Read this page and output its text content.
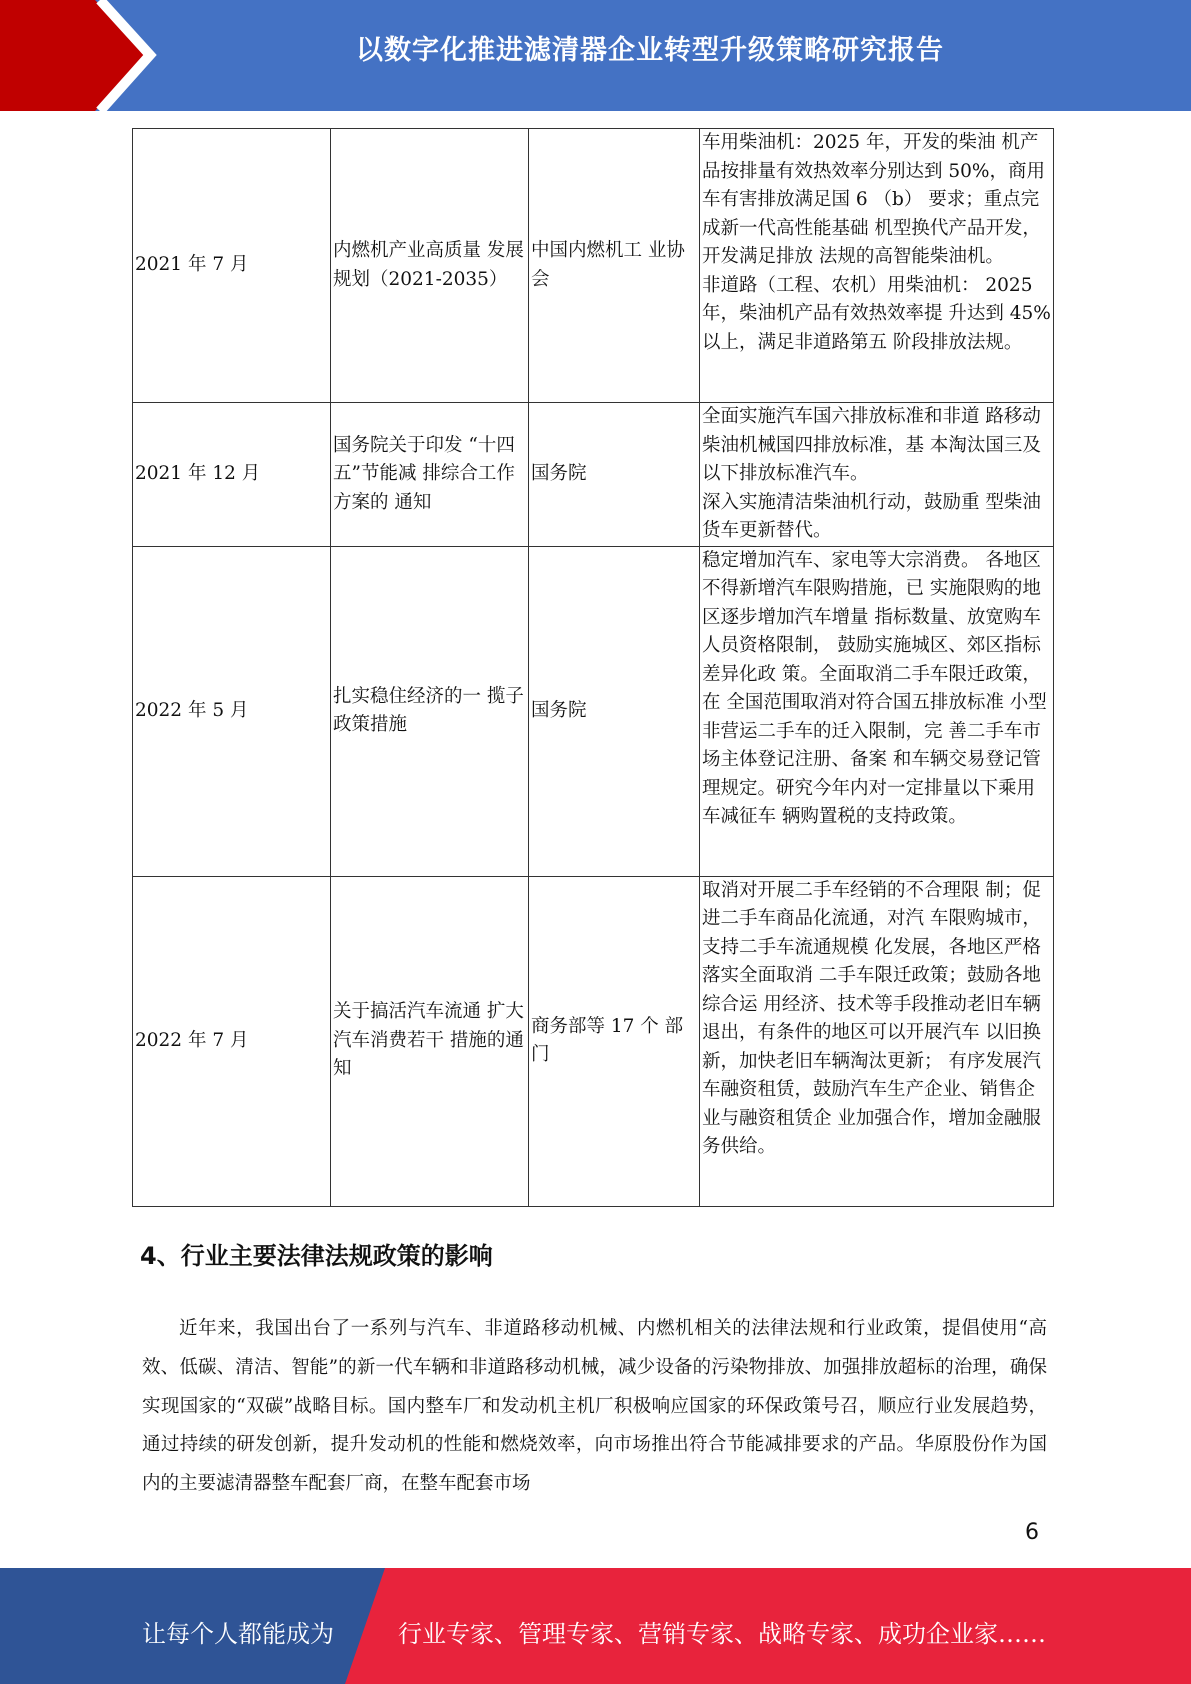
以数字化推进滤清器企业转型升级策略研究报告
2021 年 7 月	内燃机产业高质量 发展规划（2021-2035）	中国内燃机工 业协会	车用柴油机：2025 年，开发的柴油 机产品按排量有效热效率分别达到 50%，商用车有害排放满足国 6 （b） 要求；重点完成新一代高性能基础 机型换代产品开发，开发满足排放 法规的高智能柴油机。

非道路（工程、农机）用柴油机： 2025 年，柴油机产品有效热效率提 升达到 45%以上，满足非道路第五 阶段排放法规。

2021 年 12 月	国务院关于印发 “十四五”节能减 排综合工作方案的 通知	国务院	全面实施汽车国六排放标准和非道 路移动柴油机械国四排放标准，基 本淘汰国三及以下排放标准汽车。

深入实施清洁柴油机行动，鼓励重 型柴油货车更新替代。

2022 年 5 月	扎实稳住经济的一 揽子政策措施	国务院	稳定增加汽车、家电等大宗消费。 各地区不得新增汽车限购措施，已 实施限购的地区逐步增加汽车增量 指标数量、放宽购车人员资格限制， 鼓励实施城区、郊区指标差异化政 策。全面取消二手车限迁政策，在 全国范围取消对符合国五排放标准 小型非营运二手车的迁入限制，完 善二手车市场主体登记注册、备案 和车辆交易登记管理规定。研究今年内对一定排量以下乘用车减征车 辆购置税的支持政策。

2022 年 7 月	关于搞活汽车流通 扩大汽车消费若干 措施的通知	商务部等 17 个 部门	取消对开展二手车经销的不合理限 制；促进二手车商品化流通，对汽 车限购城市，支持二手车流通规模 化发展，各地区严格落实全面取消 二手车限迁政策；鼓励各地综合运 用经济、技术等手段推动老旧车辆 退出，有条件的地区可以开展汽车 以旧换新，加快老旧车辆淘汰更新； 有序发展汽车融资租赁，鼓励汽车生产企业、销售企业与融资租赁企 业加强合作，增加金融服务供给。

4、行业主要法律法规政策的影响

近年来，我国出台了一系列与汽车、非道路移动机械、内燃机相关的法律法规和行业政策，提倡使用“高效、低碳、清洁、智能”的新一代车辆和非道路移动机械，减少设备的污染物排放、加强排放超标的治理，确保实现国家的“双碳”战略目标。国内整车厂和发动机主机厂积极响应国家的环保政策号召，顺应行业发展趋势，通过持续的研发创新，提升发动机的性能和燃烧效率，向市场推出符合节能减排要求的产品。华原股份作为国内的主要滤清器整车配套厂商，在整车配套市场

6
让每个人都能成为	行业专家、管理专家、营销专家、战略专家、成功企业家……
